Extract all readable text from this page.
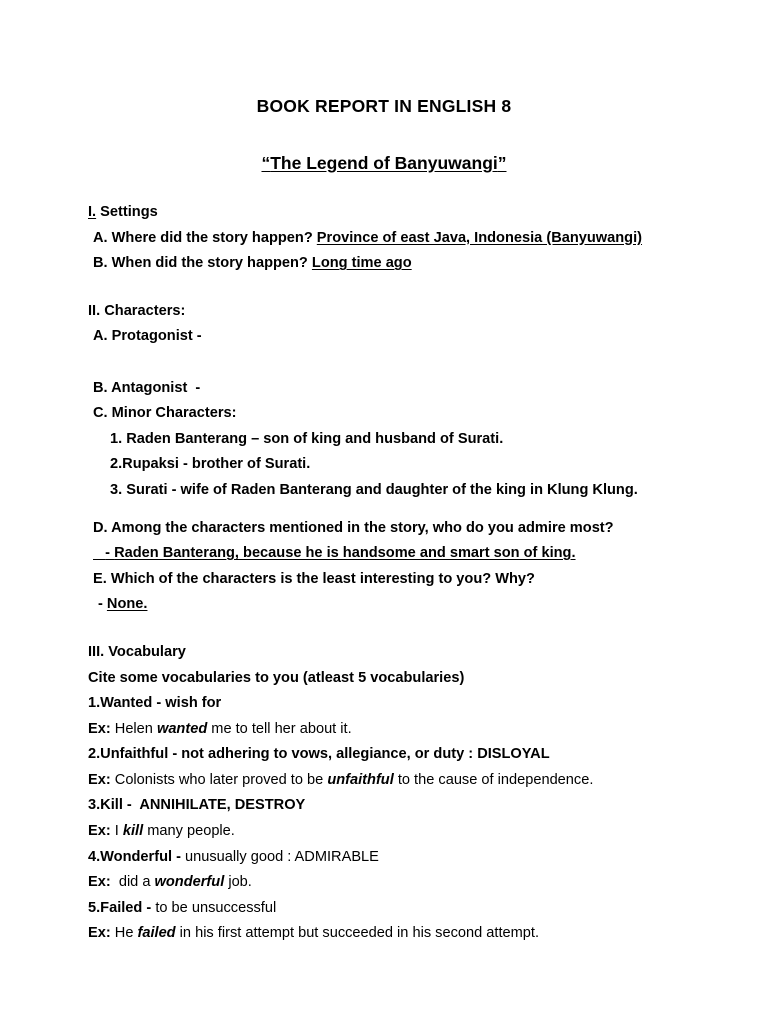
BOOK REPORT IN ENGLISH 8
“The Legend of Banyuwangi”
I. Settings
A. Where did the story happen? Province of east Java, Indonesia (Banyuwangi)
B. When did the story happen? Long time ago
II. Characters:
A. Protagonist -
B. Antagonist  -
C. Minor Characters:
1. Raden Banterang – son of king and husband of Surati.
2.Rupaksi - brother of Surati.
3. Surati - wife of Raden Banterang and daughter of the king in Klung Klung.
D. Among the characters mentioned in the story, who do you admire most?
- Raden Banterang, because he is handsome and smart son of king.
E. Which of the characters is the least interesting to you? Why?
- None.
III. Vocabulary
Cite some vocabularies to you (atleast 5 vocabularies)
1.Wanted - wish for
Ex: Helen wanted me to tell her about it.
2.Unfaithful - not adhering to vows, allegiance, or duty : DISLOYAL
Ex: Colonists who later proved to be unfaithful to the cause of independence.
3.Kill -  ANNIHILATE, DESTROY
Ex: I kill many people.
4.Wonderful - unusually good : ADMIRABLE
Ex:  did a wonderful job.
5.Failed - to be unsuccessful
Ex: He failed in his first attempt but succeeded in his second attempt.
